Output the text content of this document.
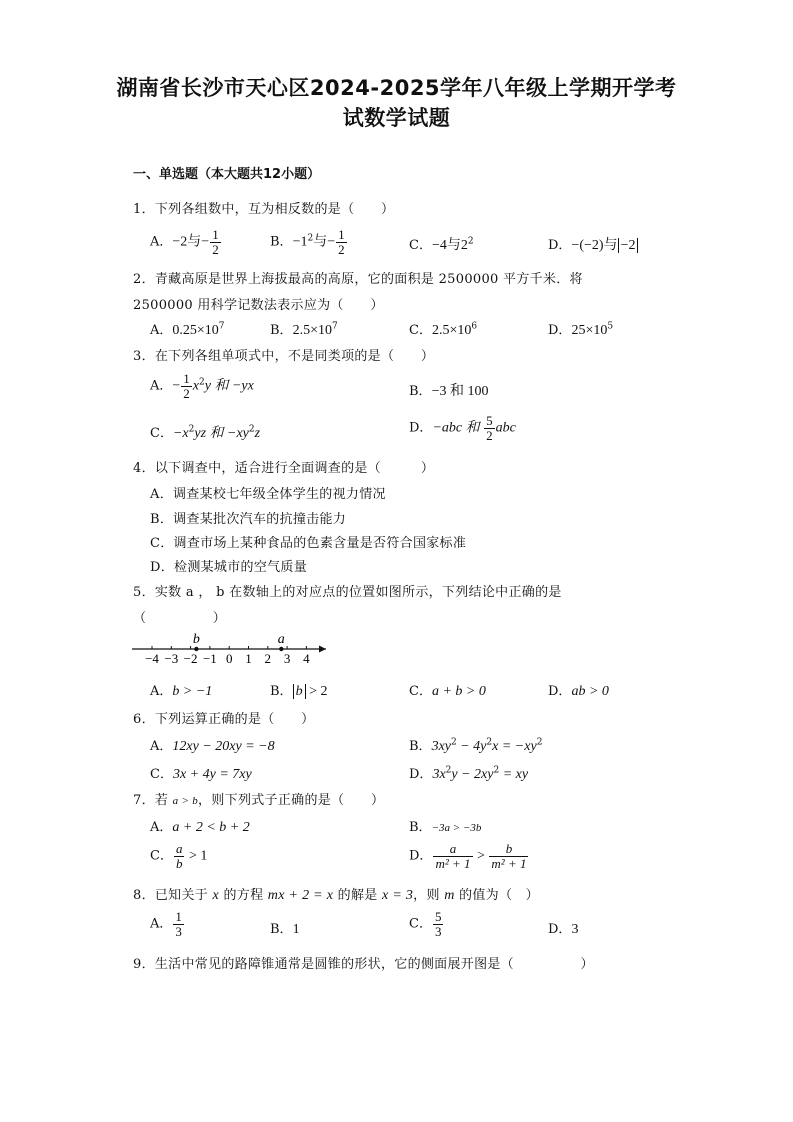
湖南省长沙市天心区2024-2025学年八年级上学期开学考
试数学试题
一、单选题（本大题共12小题）
1．下列各组数中，互为相反数的是（　　）
A．−2与− $\frac{1}{2}$	B．$-1^2$与− $\frac{1}{2}$	C．−4与$2^2$	D．−(−2)与 −2
2．青藏高原是世界上海拔最高的高原，它的面积是 2500000 平方千米．将
2500000 用科学记数法表示应为（　　）
A．$0.25\times 10^7$	B．$2.5\times 10^7$	C．$2.5\times 10^6$	D．$25\times 10^5$
3．在下列各组单项式中，不是同类项的是（　　）
A．− $\frac{1}{2} x^2y$ 和 −yx	B．−3 和 100
C．$-x^2yz$ 和 $-xy^2z$	D．−abc 和 $\frac{5}{2}$ abc
4．以下调查中，适合进行全面调查的是（　　　）
A．调查某校七年级全体学生的视力情况
B．调查某批次汽车的抗撞击能力
C．调查市场上某种食品的色素含量是否符合国家标准
D．检测某城市的空气质量
5．实数 a ， b 在数轴上的对应点的位置如图所示，下列结论中正确的是
（　　　　　）
−4 −3 −2 −1 0 1 2 3 4
b	a
A．b > −1	B． b > 2	C．a + b > 0	D．ab > 0
6．下列运算正确的是（　　）
A．12xy − 20xy = −8	B．$3xy^2 - 4y^2x = -xy^2$
C．3x + 4y = 7xy	D．$3x^2y - 2xy^2$ = xy
7．若 a > b，则下列式子正确的是（　　）
A．a + 2 < b + 2	B．−3a > −3b
C． $\frac{a}{b} > 1$	D． $\frac{a}{\text{m² + 1}} > \frac{b}{\text{m² + 1}}$
8．已知关于 x 的方程 mx + 2 = x 的解是 x = 3，则 m 的值为（　）
A． $\frac{1}{3}$	B．1	C． $\frac{5}{3}$	D．3
9．生活中常见的路障锥通常是圆锥的形状，它的侧面展开图是（　　　　　）
